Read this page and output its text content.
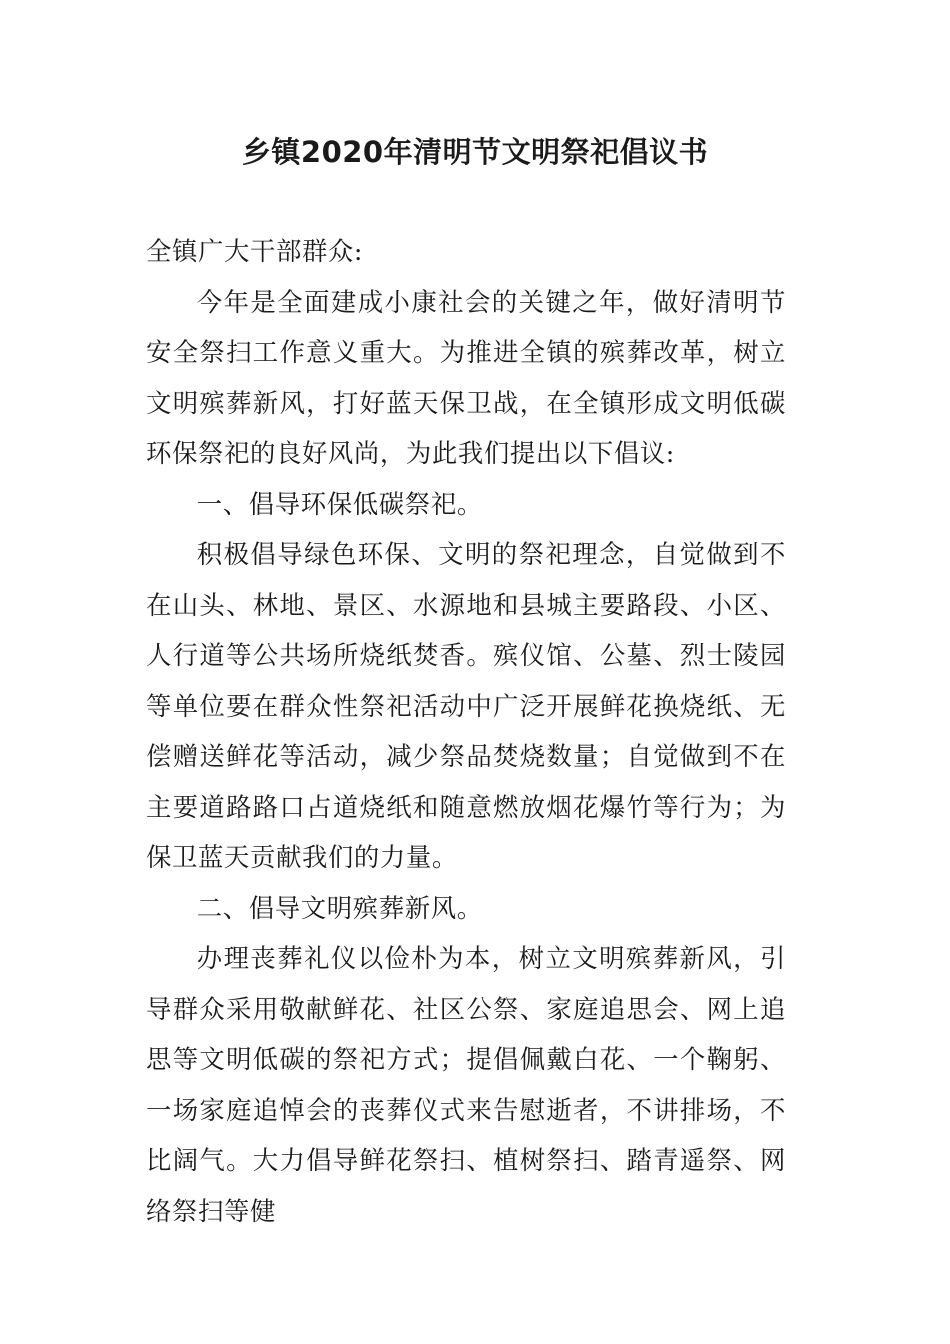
乡镇2020年清明节文明祭祀倡议书

全镇广大干部群众:

今年是全面建成小康社会的关键之年，做好清明节安全祭扫工作意义重大。为推进全镇的殡葬改革，树立文明殡葬新风，打好蓝天保卫战，在全镇形成文明低碳环保祭祀的良好风尚，为此我们提出以下倡议:

一、倡导环保低碳祭祀。

积极倡导绿色环保、文明的祭祀理念，自觉做到不在山头、林地、景区、水源地和县城主要路段、小区、人行道等公共场所烧纸焚香。殡仪馆、公墓、烈士陵园等单位要在群众性祭祀活动中广泛开展鲜花换烧纸、无偿赠送鲜花等活动，减少祭品焚烧数量；自觉做到不在主要道路路口占道烧纸和随意燃放烟花爆竹等行为；为保卫蓝天贡献我们的力量。

二、倡导文明殡葬新风。

办理丧葬礼仪以俭朴为本，树立文明殡葬新风，引导群众采用敬献鲜花、社区公祭、家庭追思会、网上追思等文明低碳的祭祀方式；提倡佩戴白花、一个鞠躬、一场家庭追悼会的丧葬仪式来告慰逝者，不讲排场，不比阔气。大力倡导鲜花祭扫、植树祭扫、踏青遥祭、网络祭扫等健
